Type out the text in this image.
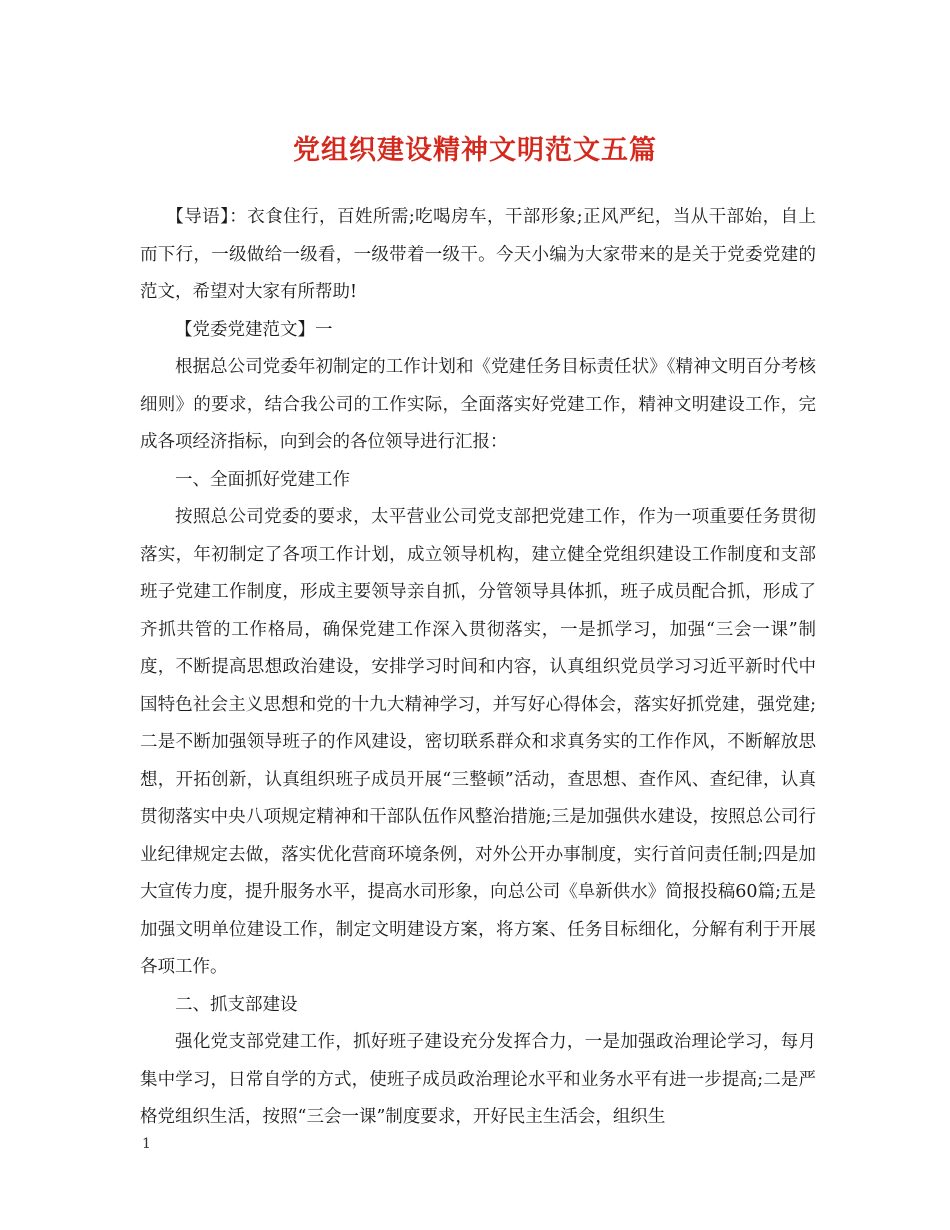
党组织建设精神文明范文五篇

【导语】：衣食住行，百姓所需;吃喝房车，干部形象;正风严纪，当从干部始，自上而下行，一级做给一级看，一级带着一级干。今天小编为大家带来的是关于党委党建的范文，希望对大家有所帮助!

【党委党建范文】一

根据总公司党委年初制定的工作计划和《党建任务目标责任状》《精神文明百分考核细则》的要求，结合我公司的工作实际，全面落实好党建工作，精神文明建设工作，完成各项经济指标，向到会的各位领导进行汇报：

一、全面抓好党建工作

按照总公司党委的要求，太平营业公司党支部把党建工作，作为一项重要任务贯彻落实，年初制定了各项工作计划，成立领导机构，建立健全党组织建设工作制度和支部班子党建工作制度，形成主要领导亲自抓，分管领导具体抓，班子成员配合抓，形成了齐抓共管的工作格局，确保党建工作深入贯彻落实，一是抓学习，加强“三会一课”制度，不断提高思想政治建设，安排学习时间和内容，认真组织党员学习习近平新时代中国特色社会主义思想和党的十九大精神学习，并写好心得体会，落实好抓党建，强党建;二是不断加强领导班子的作风建设，密切联系群众和求真务实的工作作风，不断解放思想，开拓创新，认真组织班子成员开展“三整顿”活动，查思想、查作风、查纪律，认真贯彻落实中央八项规定精神和干部队伍作风整治措施;三是加强供水建设，按照总公司行业纪律规定去做，落实优化营商环境条例，对外公开办事制度，实行首问责任制;四是加大宣传力度，提升服务水平，提高水司形象，向总公司《阜新供水》简报投稿60篇;五是加强文明单位建设工作，制定文明建设方案，将方案、任务目标细化，分解有利于开展各项工作。

二、抓支部建设

强化党支部党建工作，抓好班子建设充分发挥合力，一是加强政治理论学习，每月集中学习，日常自学的方式，使班子成员政治理论水平和业务水平有进一步提高;二是严格党组织生活，按照“三会一课”制度要求，开好民主生活会，组织生

1
